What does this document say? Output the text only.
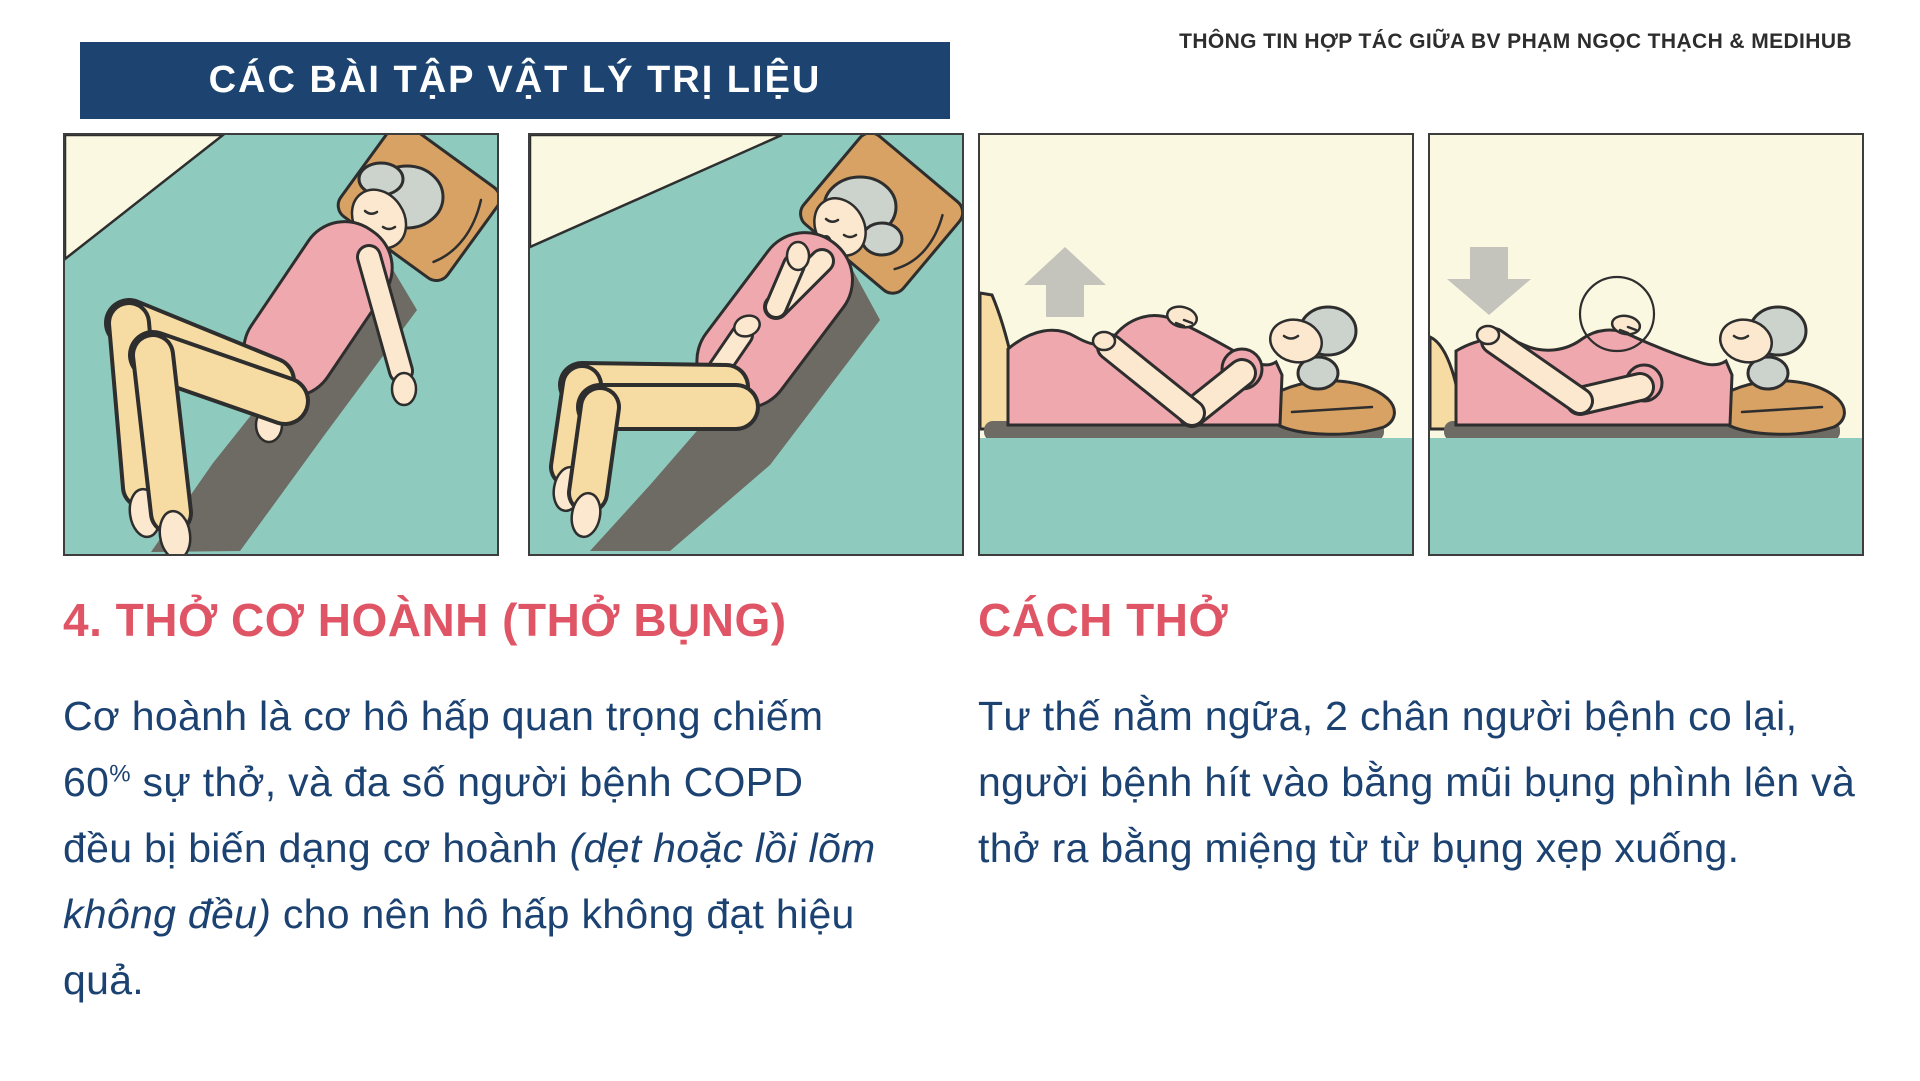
CÁC BÀI TẬP VẬT LÝ TRỊ LIỆU
THÔNG TIN HỢP TÁC GIỮA BV PHẠM NGỌC THẠCH & MEDIHUB
4. THỞ CƠ HOÀNH (THỞ BỤNG)	CÁCH THỞ

Cơ hoành là cơ hô hấp quan trọng chiếm 60% sự thở, và đa số người bệnh COPD đều bị biến dạng cơ hoành (dẹt hoặc lồi lõm không đều) cho nên hô hấp không đạt hiệu quả.

Tư thế nằm ngữa, 2 chân người bệnh co lại, người bệnh hít vào bằng mũi bụng phình lên và thở ra bằng miệng từ từ bụng xẹp xuống.
